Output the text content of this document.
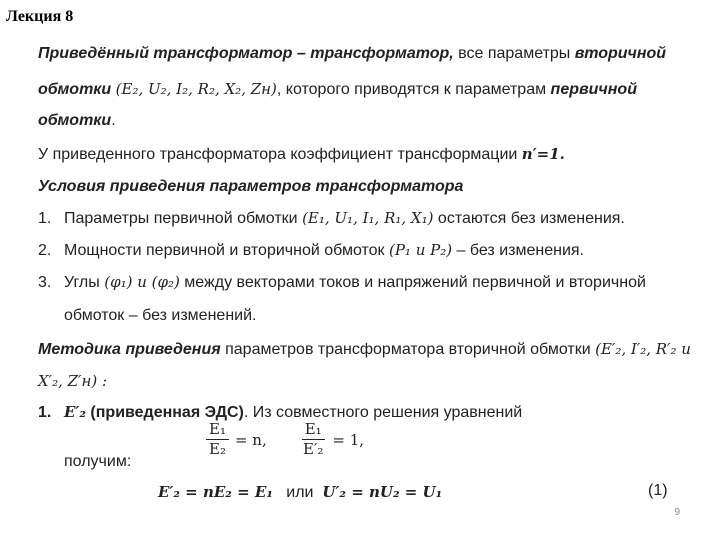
Лекция 8
Приведённый трансформатор – трансформатор, все параметры вторичной
обмотки (E₂, U₂, I₂, R₂, X₂, Zн), которого приводятся к параметрам первичной
обмотки.
У приведенного трансформатора коэффициент трансформации n′=1.
Условия приведения параметров трансформатора
1. Параметры первичной обмотки (E₁, U₁, I₁, R₁, X₁) остаются без изменения.
2. Мощности первичной и вторичной обмоток (P₁ и P₂) – без изменения.
3. Углы (φ₁) и (φ₂) между векторами токов и напряжений первичной и вторичной
обмоток – без изменений.
Методика приведения параметров трансформатора вторичной обмотки (E′₂, I′₂, R′₂ и
X′₂, Z′н) :
1. E′₂ (приведенная ЭДС). Из совместного решения уравнений
$\frac{\text{E₁}}{\text{E₂}} = n$, $\frac{\text{E₁}}{\text{E′₂}} = 1$,
получим:
E′₂ = nE₂ = E₁ или U′₂ = nU₂ = U₁	(1)
9
